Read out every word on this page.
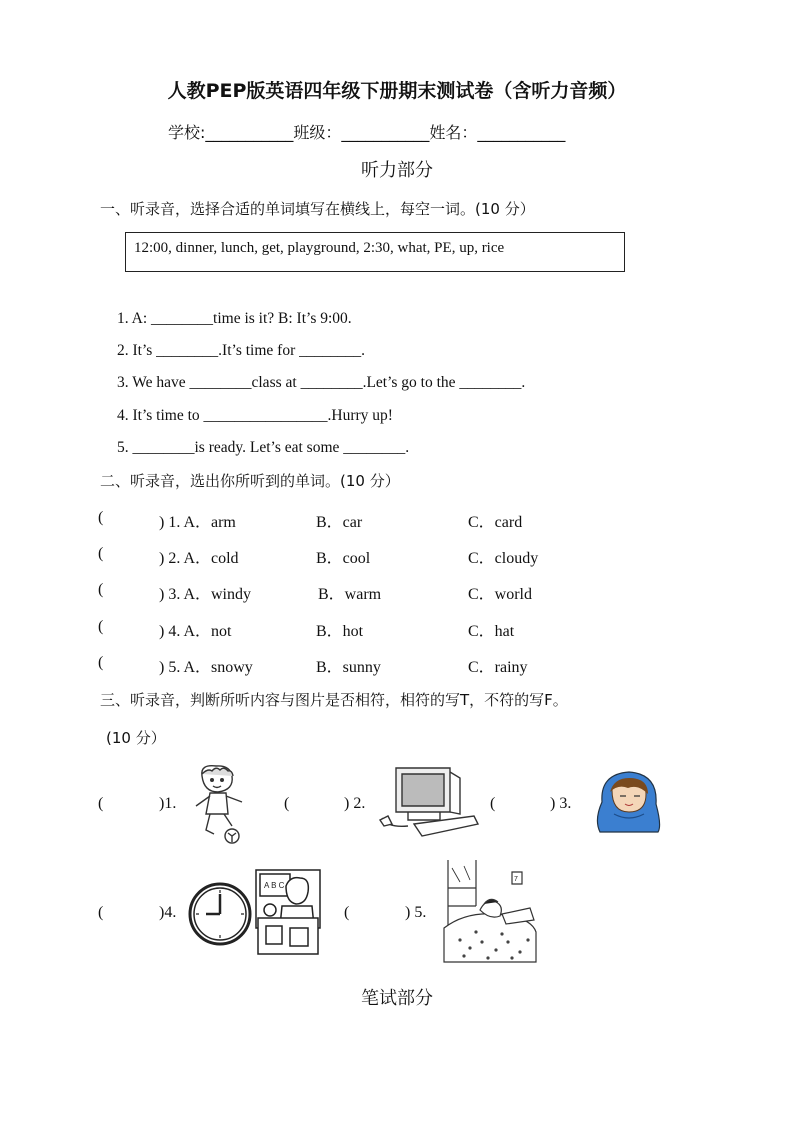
人教PEP版英语四年级下册期末测试卷（含听力音频）
学校:___________班级：___________姓名：___________
听力部分
一、听录音，选择合适的单词填写在横线上，每空一词。(10 分）
12:00, dinner, lunch, get, playground, 2:30, what, PE, up, rice
1. A: ________time is it? B: It’s 9:00.
2. It’s ________.It’s time for ________.
3. We have ________class at ________.Let’s go to the ________.
4. It’s time to ________________.Hurry up!
5. ________is ready. Let’s eat some ________.
二、听录音，选出你所听到的单词。(10 分）
(	) 1. A．arm	B．car	C．card
(	) 2. A．cold	B．cool	C．cloudy
(	) 3. A．windy	B．warm	C．world
(	) 4. A．not	B．hot	C．hat
(	) 5. A．snowy	B．sunny	C．rainy
三、听录音，判断所听内容与图片是否相符，相符的写T，不符的写F。
(10 分）
(	)1.	(	) 2.	(	) 3.
(	)4.
A B C
(	) 5.
7
笔试部分
